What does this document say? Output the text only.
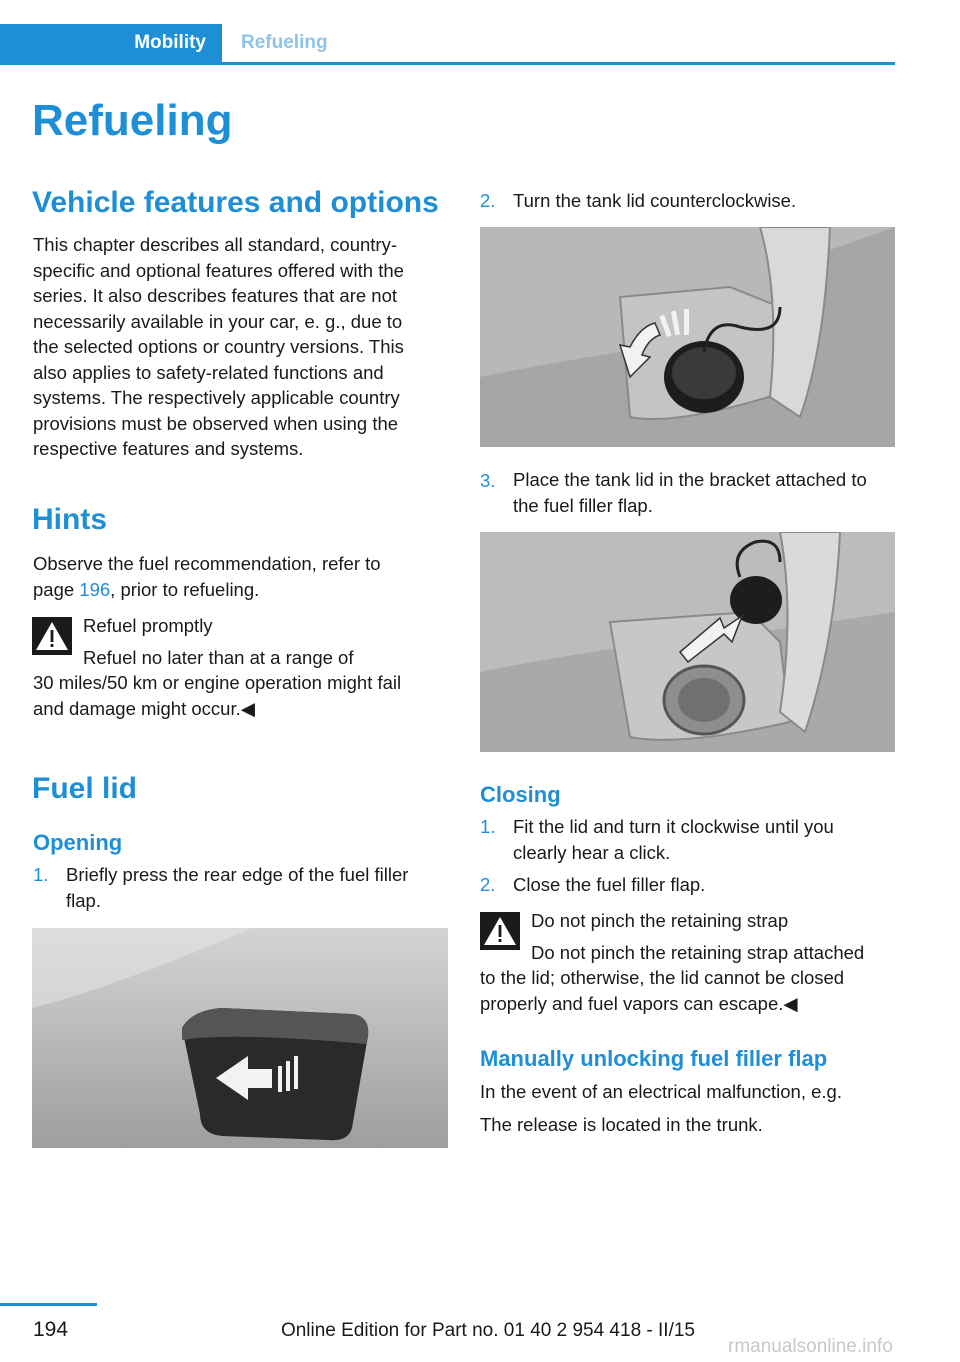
Mobility Refueling
Refueling
Vehicle features and options
This chapter describes all standard, country-
specific and optional features offered with the
series. It also describes features that are not
necessarily available in your car, e. g., due to
the selected options or country versions. This
also applies to safety-related functions and
systems. The respectively applicable country
provisions must be observed when using the
respective features and systems.
Hints
Observe the fuel recommendation, refer to
page 196, prior to refueling.
Refuel promptly
Refuel no later than at a range of
30 miles/50 km or engine operation might fail
and damage might occur.◀
Fuel lid
Opening
1. Briefly press the rear edge of the fuel filler
flap.
2. Turn the tank lid counterclockwise.
3. Place the tank lid in the bracket attached to
the fuel filler flap.
Closing
1. Fit the lid and turn it clockwise until you
clearly hear a click.
2. Close the fuel filler flap.
Do not pinch the retaining strap
Do not pinch the retaining strap attached
to the lid; otherwise, the lid cannot be closed
properly and fuel vapors can escape.◀
Manually unlocking fuel filler flap
In the event of an electrical malfunction, e.g.
The release is located in the trunk.
194	Online Edition for Part no. 01 40 2 954 418 - II/15
rmanualsonline.info
